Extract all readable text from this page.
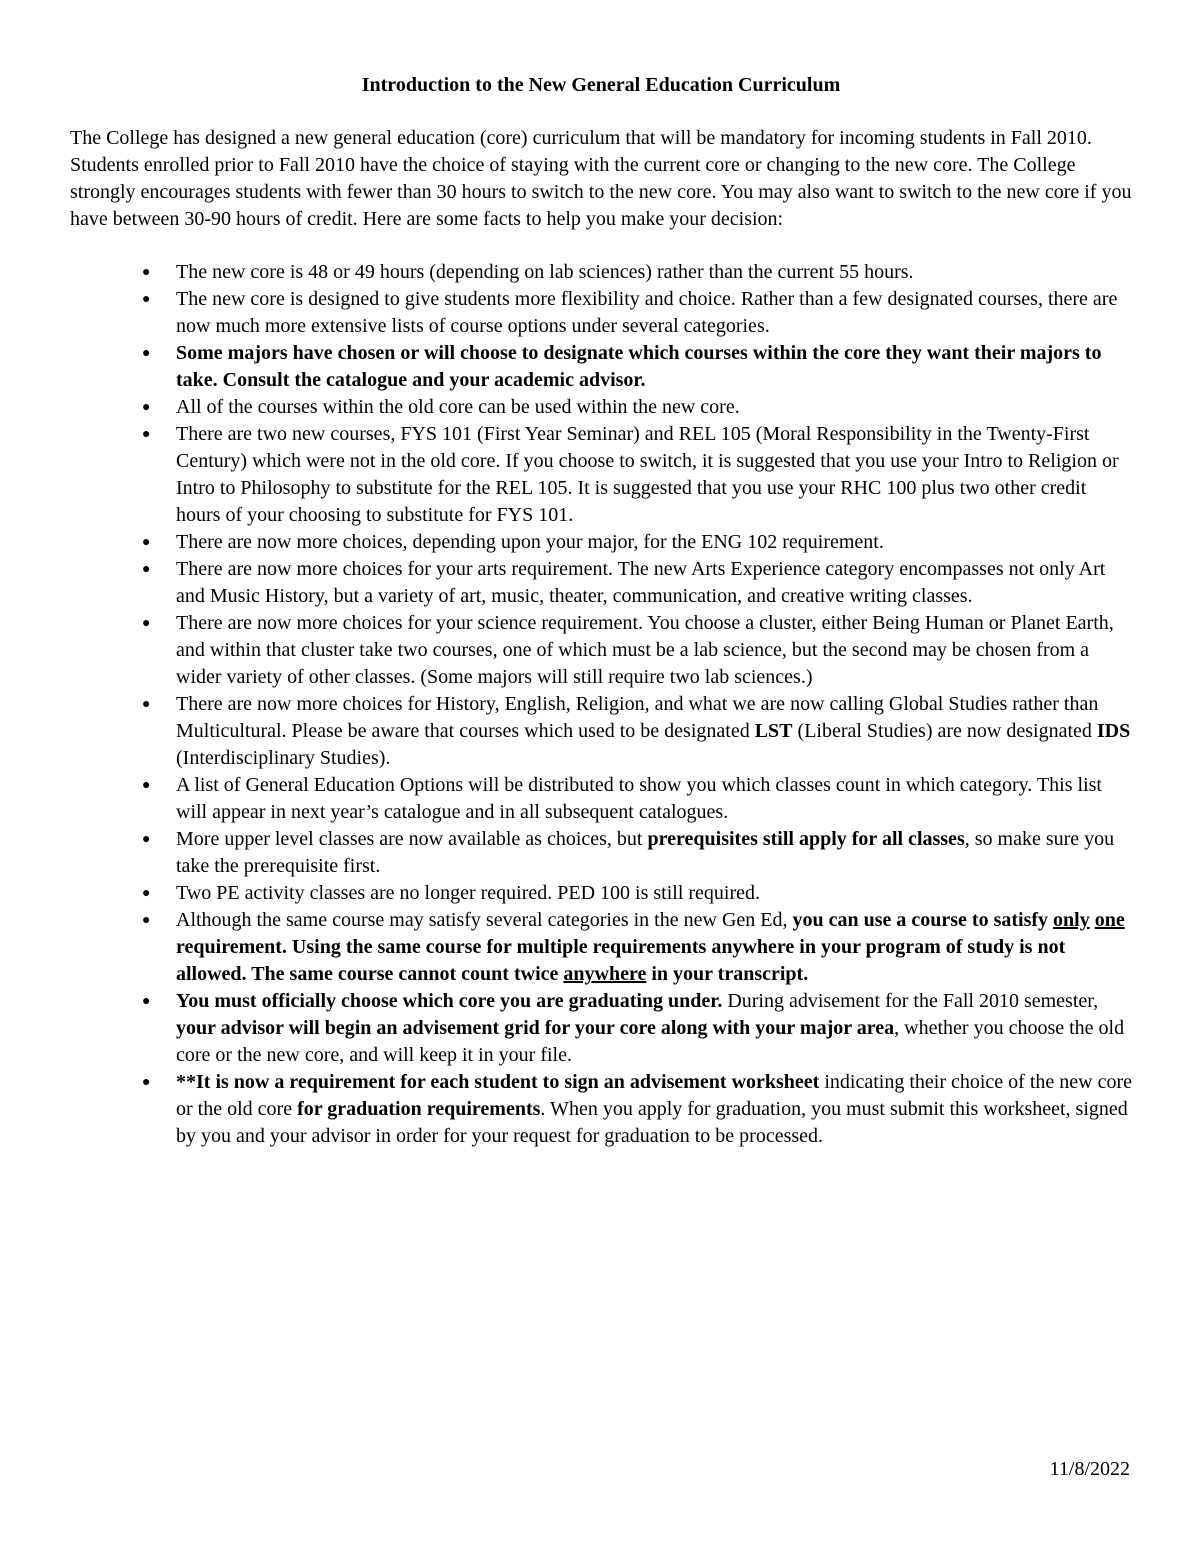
Introduction to the New General Education Curriculum
The College has designed a new general education (core) curriculum that will be mandatory for incoming students in Fall 2010. Students enrolled prior to Fall 2010 have the choice of staying with the current core or changing to the new core. The College strongly encourages students with fewer than 30 hours to switch to the new core. You may also want to switch to the new core if you have between 30-90 hours of credit. Here are some facts to help you make your decision:
● The new core is 48 or 49 hours (depending on lab sciences) rather than the current 55 hours.
● The new core is designed to give students more flexibility and choice. Rather than a few designated courses, there are now much more extensive lists of course options under several categories.
● Some majors have chosen or will choose to designate which courses within the core they want their majors to take. Consult the catalogue and your academic advisor.
● All of the courses within the old core can be used within the new core.
● There are two new courses, FYS 101 (First Year Seminar) and REL 105 (Moral Responsibility in the Twenty-First Century) which were not in the old core. If you choose to switch, it is suggested that you use your Intro to Religion or Intro to Philosophy to substitute for the REL 105. It is suggested that you use your RHC 100 plus two other credit hours of your choosing to substitute for FYS 101.
● There are now more choices, depending upon your major, for the ENG 102 requirement.
● There are now more choices for your arts requirement. The new Arts Experience category encompasses not only Art and Music History, but a variety of art, music, theater, communication, and creative writing classes.
● There are now more choices for your science requirement. You choose a cluster, either Being Human or Planet Earth, and within that cluster take two courses, one of which must be a lab science, but the second may be chosen from a wider variety of other classes. (Some majors will still require two lab sciences.)
● There are now more choices for History, English, Religion, and what we are now calling Global Studies rather than Multicultural. Please be aware that courses which used to be designated LST (Liberal Studies) are now designated IDS (Interdisciplinary Studies).
● A list of General Education Options will be distributed to show you which classes count in which category. This list will appear in next year’s catalogue and in all subsequent catalogues.
● More upper level classes are now available as choices, but prerequisites still apply for all classes, so make sure you take the prerequisite first.
● Two PE activity classes are no longer required. PED 100 is still required.
● Although the same course may satisfy several categories in the new Gen Ed, you can use a course to satisfy only one requirement. Using the same course for multiple requirements anywhere in your program of study is not allowed. The same course cannot count twice anywhere in your transcript.
● You must officially choose which core you are graduating under. During advisement for the Fall 2010 semester, your advisor will begin an advisement grid for your core along with your major area, whether you choose the old core or the new core, and will keep it in your file.
● **It is now a requirement for each student to sign an advisement worksheet indicating their choice of the new core or the old core for graduation requirements. When you apply for graduation, you must submit this worksheet, signed by you and your advisor in order for your request for graduation to be processed.
11/8/2022
